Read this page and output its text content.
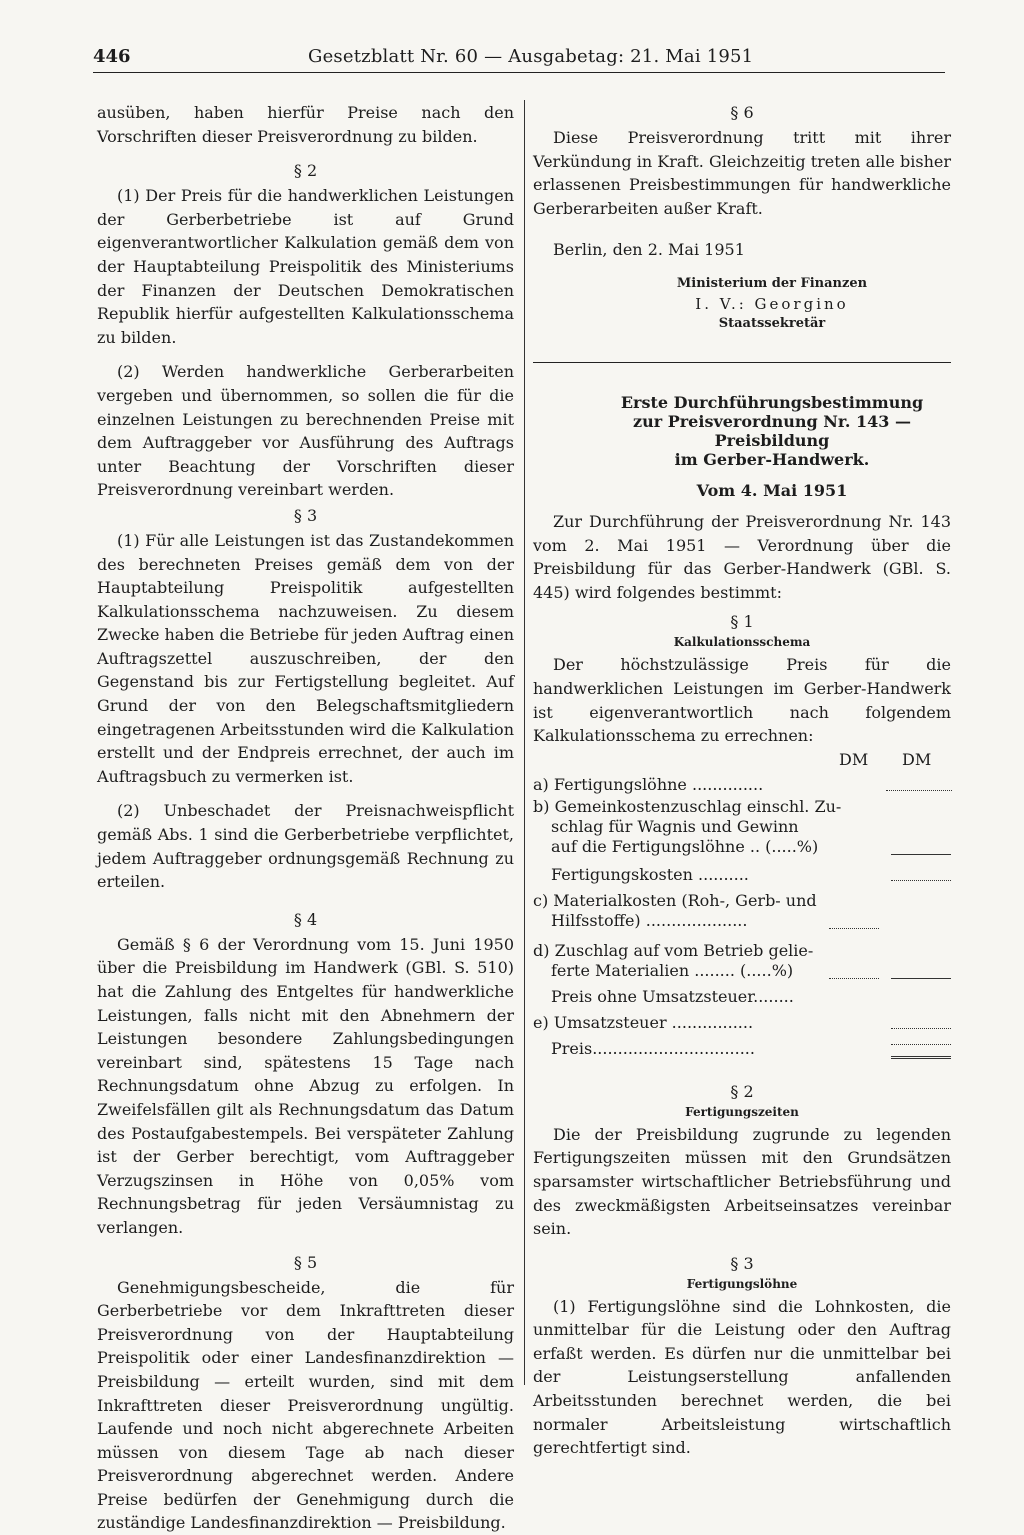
446	Gesetzblatt Nr. 60 — Ausgabetag: 21. Mai 1951

ausüben, haben hierfür Preise nach den Vorschriften dieser Preisverordnung zu bilden.

§ 2

(1) Der Preis für die handwerklichen Leistungen der Gerberbetriebe ist auf Grund eigenverantwortlicher Kalkulation gemäß dem von der Hauptabteilung Preispolitik des Ministeriums der Finanzen der Deutschen Demokratischen Republik hierfür aufgestellten Kalkulationsschema zu bilden.

(2) Werden handwerkliche Gerberarbeiten vergeben und übernommen, so sollen die für die einzelnen Leistungen zu berechnenden Preise mit dem Auftraggeber vor Ausführung des Auftrags unter Beachtung der Vorschriften dieser Preisverordnung vereinbart werden.

§ 3

(1) Für alle Leistungen ist das Zustandekommen des berechneten Preises gemäß dem von der Hauptabteilung Preispolitik aufgestellten Kalkulationsschema nachzuweisen. Zu diesem Zwecke haben die Betriebe für jeden Auftrag einen Auftragszettel auszuschreiben, der den Gegenstand bis zur Fertigstellung begleitet. Auf Grund der von den Belegschaftsmitgliedern eingetragenen Arbeitsstunden wird die Kalkulation erstellt und der Endpreis errechnet, der auch im Auftragsbuch zu vermerken ist.

(2) Unbeschadet der Preisnachweispflicht gemäß Abs. 1 sind die Gerberbetriebe verpflichtet, jedem Auftraggeber ordnungsgemäß Rechnung zu erteilen.

§ 4

Gemäß § 6 der Verordnung vom 15. Juni 1950 über die Preisbildung im Handwerk (GBl. S. 510) hat die Zahlung des Entgeltes für handwerkliche Leistungen, falls nicht mit den Abnehmern der Leistungen besondere Zahlungsbedingungen vereinbart sind, spätestens 15 Tage nach Rechnungsdatum ohne Abzug zu erfolgen. In Zweifelsfällen gilt als Rechnungsdatum das Datum des Postaufgabestempels. Bei verspäteter Zahlung ist der Gerber berechtigt, vom Auftraggeber Verzugszinsen in Höhe von 0,05% vom Rechnungsbetrag für jeden Versäumnistag zu verlangen.

§ 5

Genehmigungsbescheide, die für Gerberbetriebe vor dem Inkrafttreten dieser Preisverordnung von der Hauptabteilung Preispolitik oder einer Landesfinanzdirektion — Preisbildung — erteilt wurden, sind mit dem Inkrafttreten dieser Preisverordnung ungültig. Laufende und noch nicht abgerechnete Arbeiten müssen von diesem Tage ab nach dieser Preisverordnung abgerechnet werden. Andere Preise bedürfen der Genehmigung durch die zuständige Landesfinanzdirektion — Preisbildung.

§ 6

Diese Preisverordnung tritt mit ihrer Verkündung in Kraft. Gleichzeitig treten alle bisher erlassenen Preisbestimmungen für handwerkliche Gerberarbeiten außer Kraft.

Berlin, den 2. Mai 1951

Ministerium der Finanzen
I. V.: Georgino
Staatssekretär
Erste Durchführungsbestimmung
zur Preisverordnung Nr. 143 — Preisbildung
im Gerber-Handwerk.
Vom 4. Mai 1951

Zur Durchführung der Preisverordnung Nr. 143 vom 2. Mai 1951 — Verordnung über die Preisbildung für das Gerber-Handwerk (GBl. S. 445) wird folgendes bestimmt:

§ 1
Kalkulationsschema

Der höchstzulässige Preis für die handwerklichen Leistungen im Gerber-Handwerk ist eigenverantwortlich nach folgendem Kalkulationsschema zu errechnen:

DM DM
a) Fertigungslöhne ..............
b) Gemeinkostenzuschlag einschl. Zu-
schlag für Wagnis und Gewinn
auf die Fertigungslöhne .. (.....%)
Fertigungskosten ..........
c) Materialkosten (Roh-, Gerb- und
Hilfsstoffe) ....................
d) Zuschlag auf vom Betrieb gelie-
ferte Materialien ........ (.....%)
Preis ohne Umsatzsteuer........
e) Umsatzsteuer ................
Preis................................
§ 2
Fertigungszeiten

Die der Preisbildung zugrunde zu legenden Fertigungszeiten müssen mit den Grundsätzen sparsamster wirtschaftlicher Betriebsführung und des zweckmäßigsten Arbeitseinsatzes vereinbar sein.

§ 3
Fertigungslöhne

(1) Fertigungslöhne sind die Lohnkosten, die unmittelbar für die Leistung oder den Auftrag erfaßt werden. Es dürfen nur die unmittelbar bei der Leistungserstellung anfallenden Arbeitsstunden berechnet werden, die bei normaler Arbeitsleistung wirtschaftlich gerechtfertigt sind.
